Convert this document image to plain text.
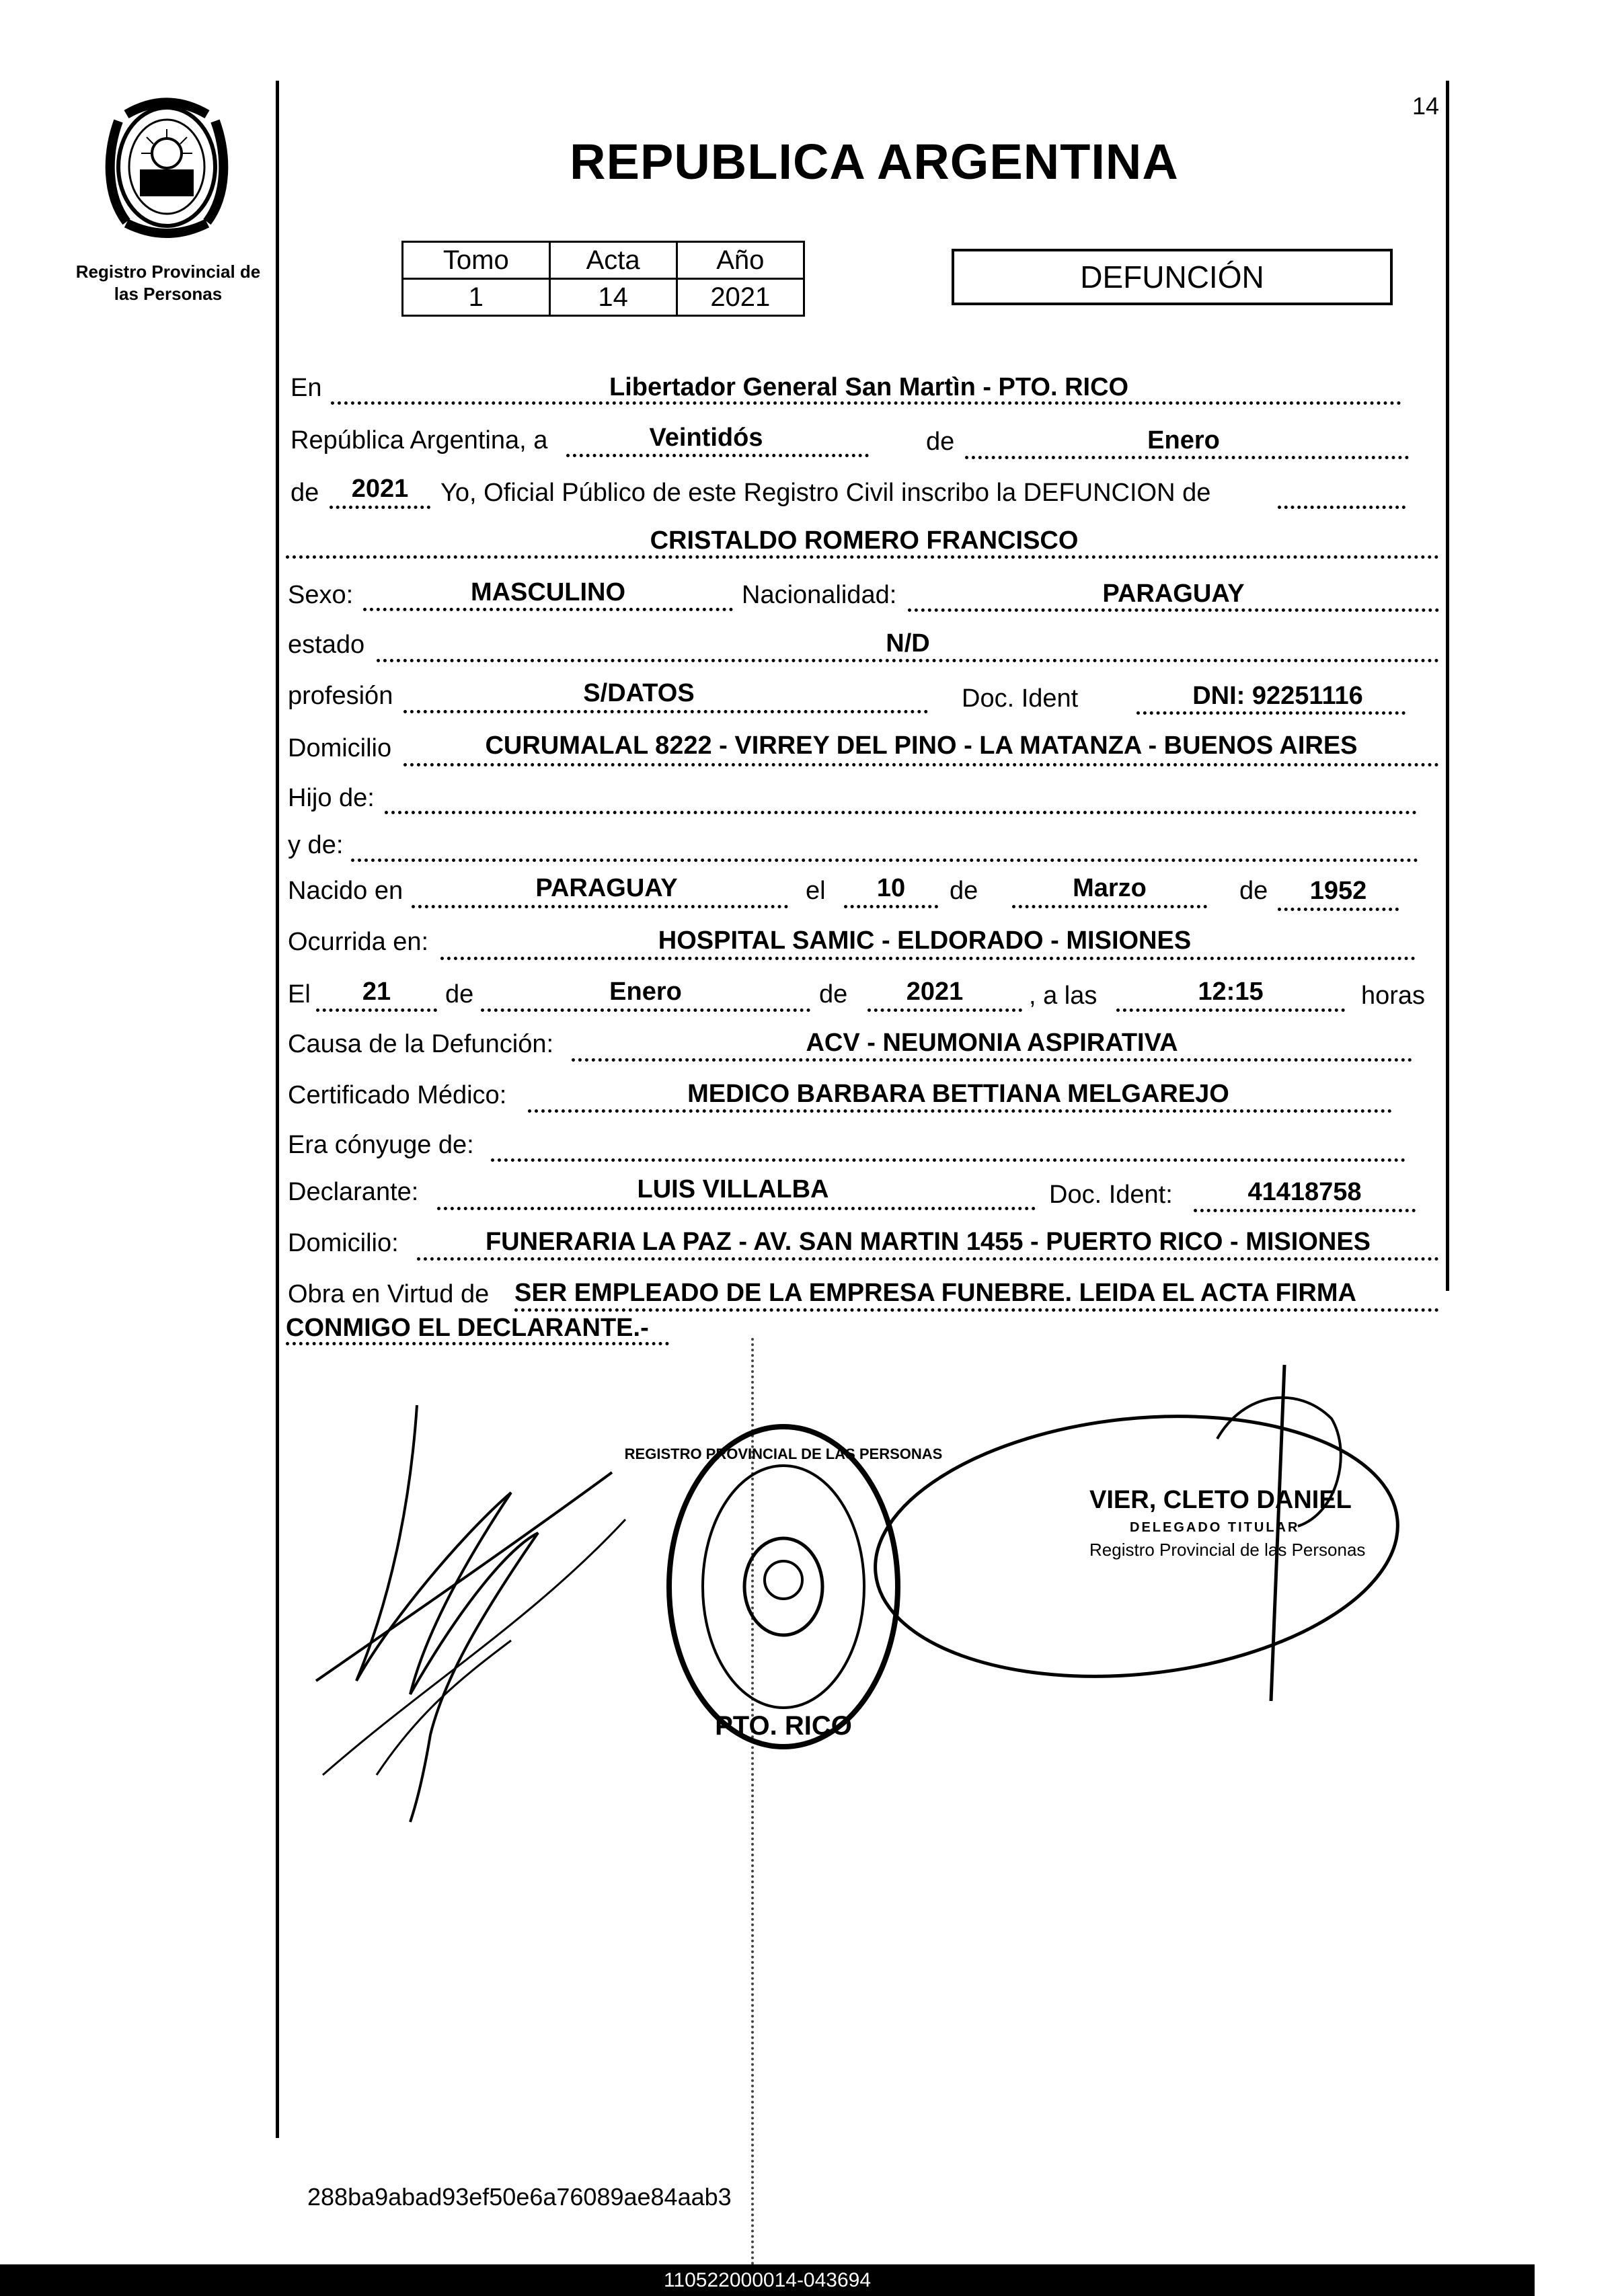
14
Registro Provincial de
las Personas
REPUBLICA ARGENTINA
Tomo	Acta	Año
1	14	2021
DEFUNCIÓN
En	Libertador General San Martìn - PTO. RICO
República Argentina, a	Veintidós	de	Enero
de	2021	Yo, Oficial Público de este Registro Civil inscribo la DEFUNCION de
CRISTALDO ROMERO FRANCISCO
Sexo:	MASCULINO	Nacionalidad:	PARAGUAY
estado	N/D
profesión	S/DATOS	Doc. Ident	DNI: 92251116
Domicilio	CURUMALAL 8222 - VIRREY DEL PINO - LA MATANZA - BUENOS AIRES
Hijo de:
y de:
Nacido en	PARAGUAY	el	10	de	Marzo	de	1952
Ocurrida en:	HOSPITAL SAMIC - ELDORADO - MISIONES
El	21	de	Enero	de	2021	, a las	12:15	horas
Causa de la Defunción:	ACV - NEUMONIA ASPIRATIVA
Certificado Médico:	MEDICO BARBARA BETTIANA MELGAREJO
Era cónyuge de:
Declarante:	LUIS VILLALBA	Doc. Ident:	41418758
Domicilio:	FUNERARIA LA PAZ - AV. SAN MARTIN 1455 - PUERTO RICO - MISIONES
Obra en Virtud de SER EMPLEADO DE LA EMPRESA FUNEBRE. LEIDA EL ACTA FIRMA
CONMIGO EL DECLARANTE.-
PTO. RICO
REGISTRO PROVINCIAL DE LAS PERSONAS
VIER, CLETO DANIEL
DELEGADO TITULAR
Registro Provincial de las Personas
288ba9abad93ef50e6a76089ae84aab3
110522000014-043694
